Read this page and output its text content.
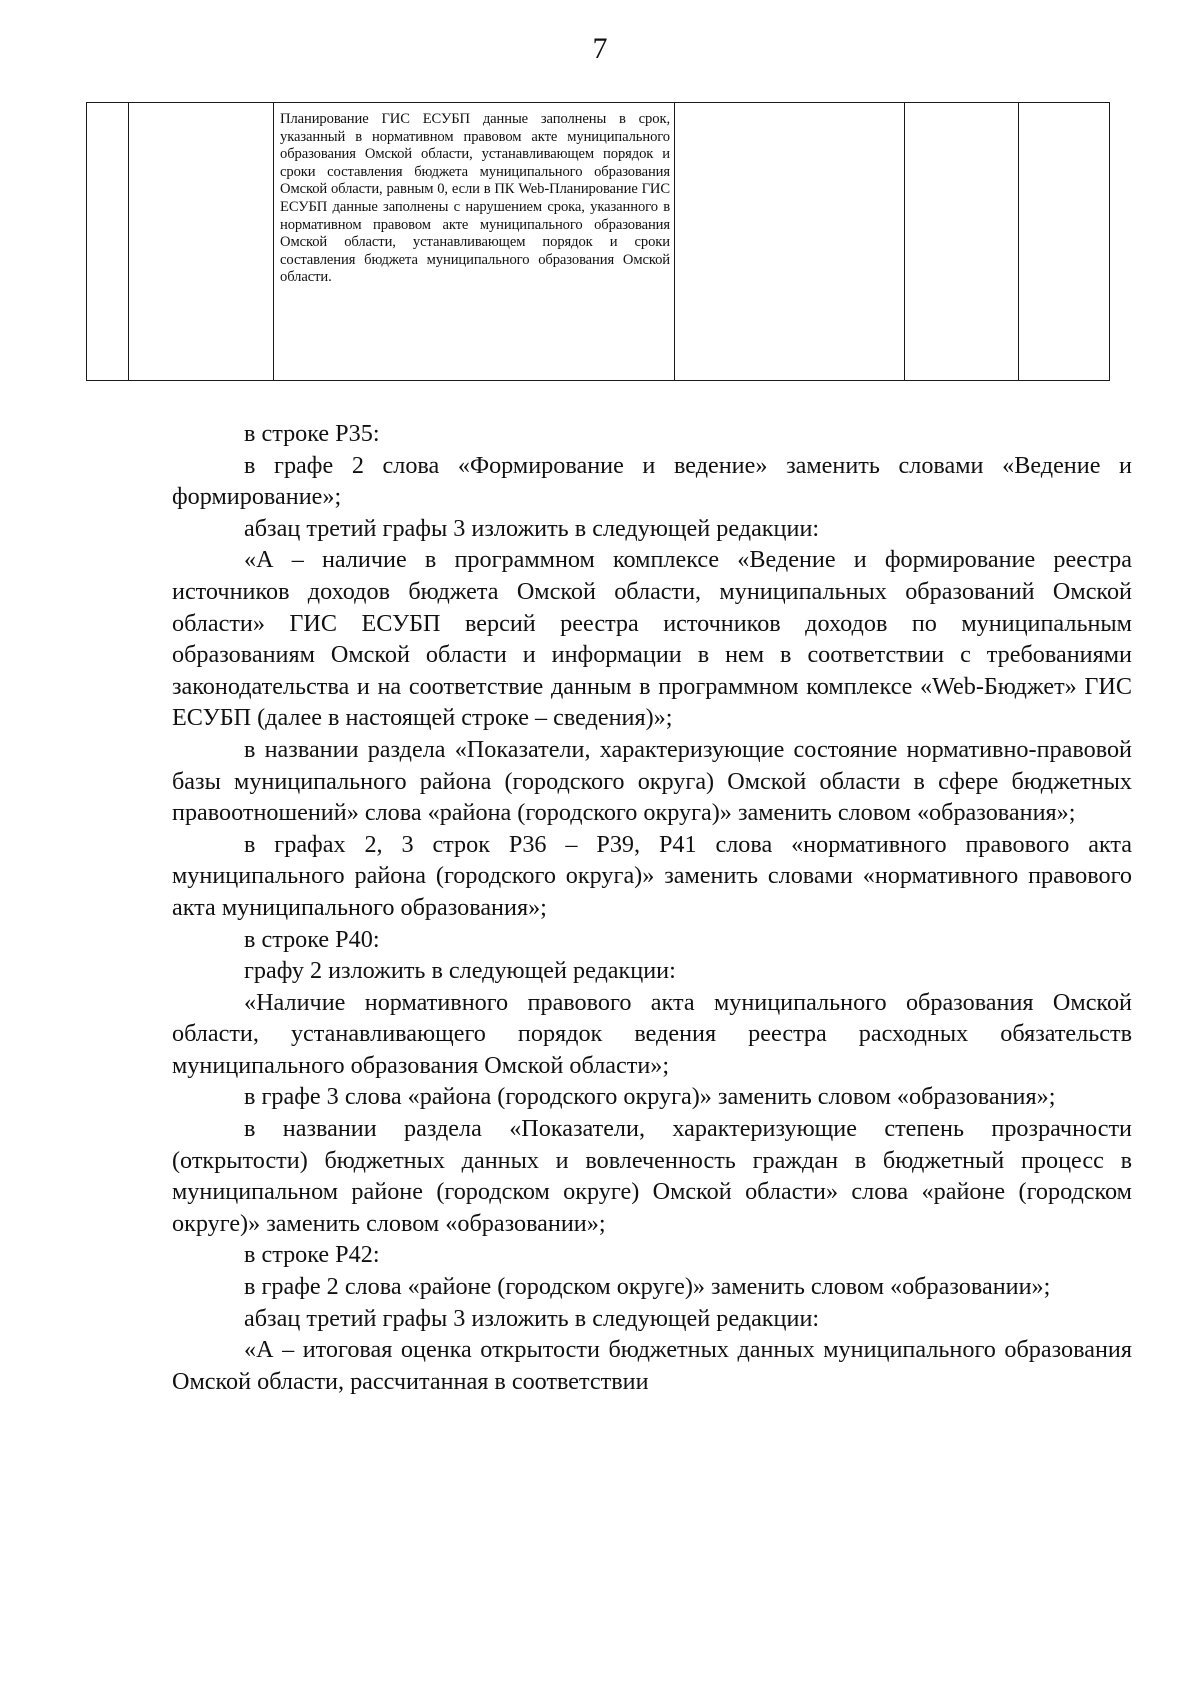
7

Планирование ГИС ЕСУБП данные заполнены в срок, указанный в нормативном правовом акте муниципального образования Омской области, устанавливающем порядок и сроки составления бюджета муниципального образования Омской области, равным 0, если в ПК Web-Планирование ГИС ЕСУБП данные заполнены с нарушением срока, указанного в нормативном правовом акте муниципального образования Омской области, устанавливающем порядок и сроки составления бюджета муниципального образования Омской области.

в строке Р35:

в графе 2 слова «Формирование и ведение» заменить словами «Ведение и формирование»;

абзац третий графы 3 изложить в следующей редакции:

«А – наличие в программном комплексе «Ведение и формирование реестра источников доходов бюджета Омской области, муниципальных образований Омской области» ГИС ЕСУБП версий реестра источников доходов по муниципальным образованиям Омской области и информации в нем в соответствии с требованиями законодательства и на соответствие данным в программном комплексе «Web-Бюджет» ГИС ЕСУБП (далее в настоящей строке – сведения)»;

в названии раздела «Показатели, характеризующие состояние нормативно-правовой базы муниципального района (городского округа) Омской области в сфере бюджетных правоотношений» слова «района (городского округа)» заменить словом «образования»;

в графах 2, 3 строк Р36 – Р39, Р41 слова «нормативного правового акта муниципального района (городского округа)» заменить словами «нормативного правового акта муниципального образования»;

в строке Р40:

графу 2 изложить в следующей редакции:

«Наличие нормативного правового акта муниципального образования Омской области, устанавливающего порядок ведения реестра расходных обязательств муниципального образования Омской области»;

в графе 3 слова «района (городского округа)» заменить словом «образования»;

в названии раздела «Показатели, характеризующие степень прозрачности (открытости) бюджетных данных и вовлеченность граждан в бюджетный процесс в муниципальном районе (городском округе) Омской области» слова «районе (городском округе)» заменить словом «образовании»;

в строке Р42:

в графе 2 слова «районе (городском округе)» заменить словом «образовании»;

абзац третий графы 3 изложить в следующей редакции:

«А – итоговая оценка открытости бюджетных данных муниципального образования Омской области, рассчитанная в соответствии
